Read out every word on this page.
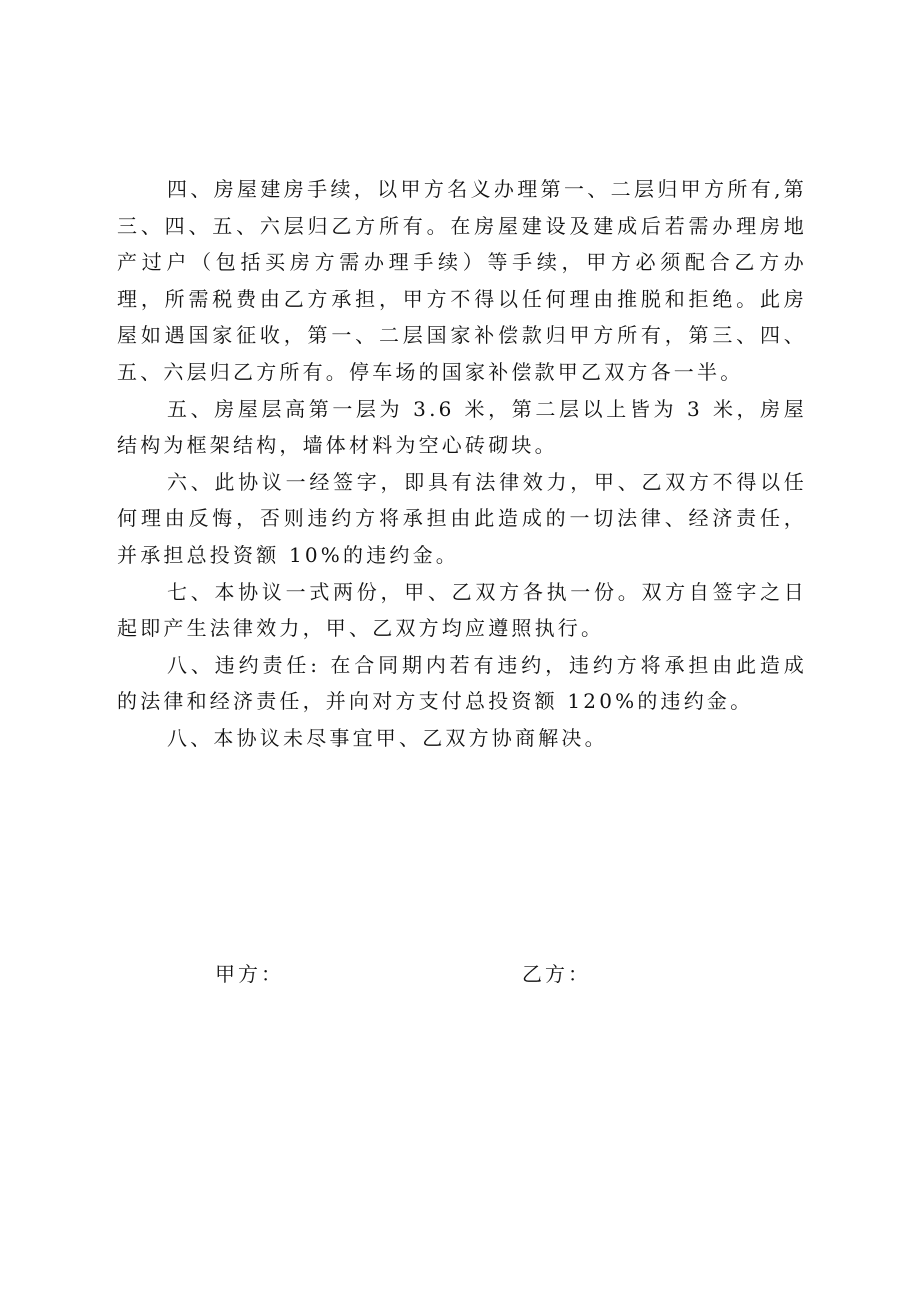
四、房屋建房手续，以甲方名义办理第一、二层归甲方所有,第三、四、五、六层归乙方所有。在房屋建设及建成后若需办理房地产过户（包括买房方需办理手续）等手续，甲方必须配合乙方办理，所需税费由乙方承担，甲方不得以任何理由推脱和拒绝。此房屋如遇国家征收，第一、二层国家补偿款归甲方所有，第三、四、五、六层归乙方所有。停车场的国家补偿款甲乙双方各一半。

五、房屋层高第一层为 3.6 米，第二层以上皆为 3 米，房屋结构为框架结构，墙体材料为空心砖砌块。

六、此协议一经签字，即具有法律效力，甲、乙双方不得以任何理由反悔，否则违约方将承担由此造成的一切法律、经济责任，并承担总投资额 10%的违约金。

七、本协议一式两份，甲、乙双方各执一份。双方自签字之日起即产生法律效力，甲、乙双方均应遵照执行。

八、违约责任: 在合同期内若有违约，违约方将承担由此造成的法律和经济责任，并向对方支付总投资额 120%的违约金。

八、本协议未尽事宜甲、乙双方协商解决。

甲方：	乙方：
